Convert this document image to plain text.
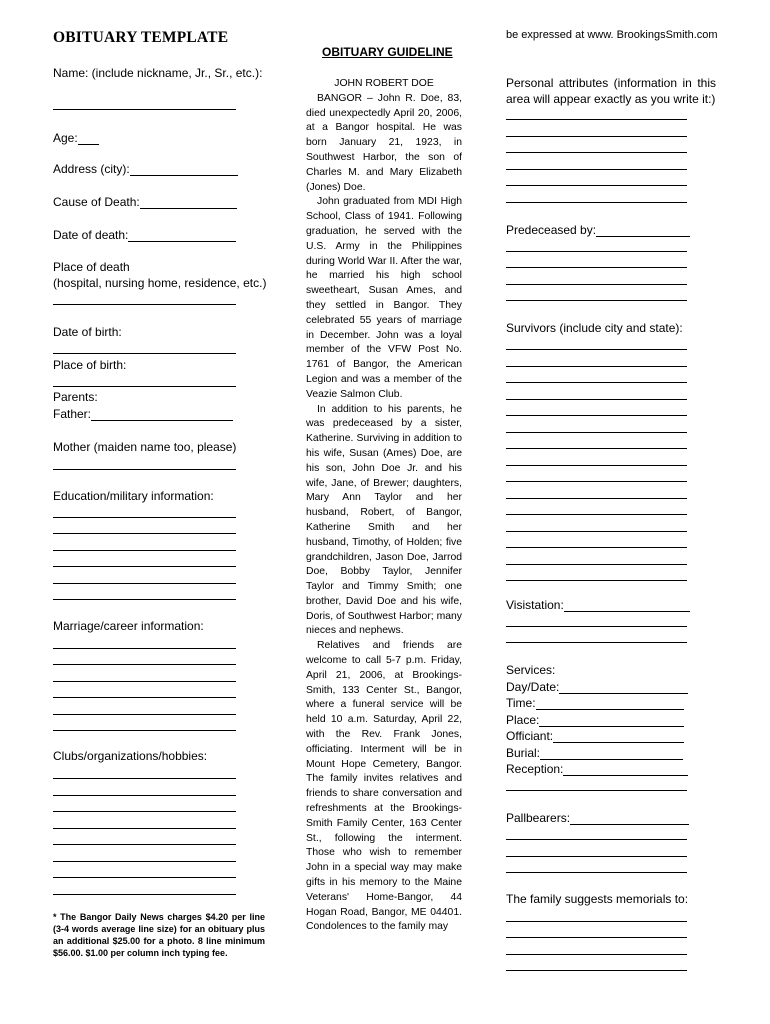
OBITUARY TEMPLATE
Name: (include nickname, Jr., Sr., etc.):
Age:
Address (city):
Cause of Death:
Date of death:
Place of death
(hospital, nursing home, residence, etc.)
Date of birth:
Place of birth:
Parents:
Father:
Mother (maiden name too, please)
Education/military information:
Marriage/career information:
Clubs/organizations/hobbies:
* The Bangor Daily News charges $4.20 per line (3-4 words average line size) for an obituary plus an additional $25.00 for a photo. 8 line minimum $56.00. $1.00 per column inch typing fee.
OBITUARY GUIDELINE

JOHN ROBERT DOE

BANGOR – John R. Doe, 83, died unexpectedly April 20, 2006, at a Bangor hospital. He was born January 21, 1923, in Southwest Harbor, the son of Charles M. and Mary Elizabeth (Jones) Doe.

John graduated from MDI High School, Class of 1941. Following graduation, he served with the U.S. Army in the Philippines during World War II. After the war, he married his high school sweetheart, Susan Ames, and they settled in Bangor. They celebrated 55 years of marriage in December. John was a loyal member of the VFW Post No. 1761 of Bangor, the American Legion and was a member of the Veazie Salmon Club.

In addition to his parents, he was predeceased by a sister, Katherine. Surviving in addition to his wife, Susan (Ames) Doe, are his son, John Doe Jr. and his wife, Jane, of Brewer; daughters, Mary Ann Taylor and her husband, Robert, of Bangor, Katherine Smith and her husband, Timothy, of Holden; five grandchildren, Jason Doe, Jarrod Doe, Bobby Taylor, Jennifer Taylor and Timmy Smith; one brother, David Doe and his wife, Doris, of Southwest Harbor; many nieces and nephews.

Relatives and friends are welcome to call 5-7 p.m. Friday, April 21, 2006, at Brookings-Smith, 133 Center St., Bangor, where a funeral service will be held 10 a.m. Saturday, April 22, with the Rev. Frank Jones, officiating. Interment will be in Mount Hope Cemetery, Bangor. The family invites relatives and friends to share conversation and refreshments at the Brookings-Smith Family Center, 163 Center St., following the interment. Those who wish to remember John in a special way may make gifts in his memory to the Maine Veterans' Home-Bangor, 44 Hogan Road, Bangor, ME 04401. Condolences to the family may

be expressed at www. BrookingsSmith.com
Personal attributes (information in this area will appear exactly as you write it:)
Predeceased by:
Survivors (include city and state):
Visistation:
Services:
Day/Date:
Time:
Place:
Officiant:
Burial:
Reception:
Pallbearers:
The family suggests memorials to:
